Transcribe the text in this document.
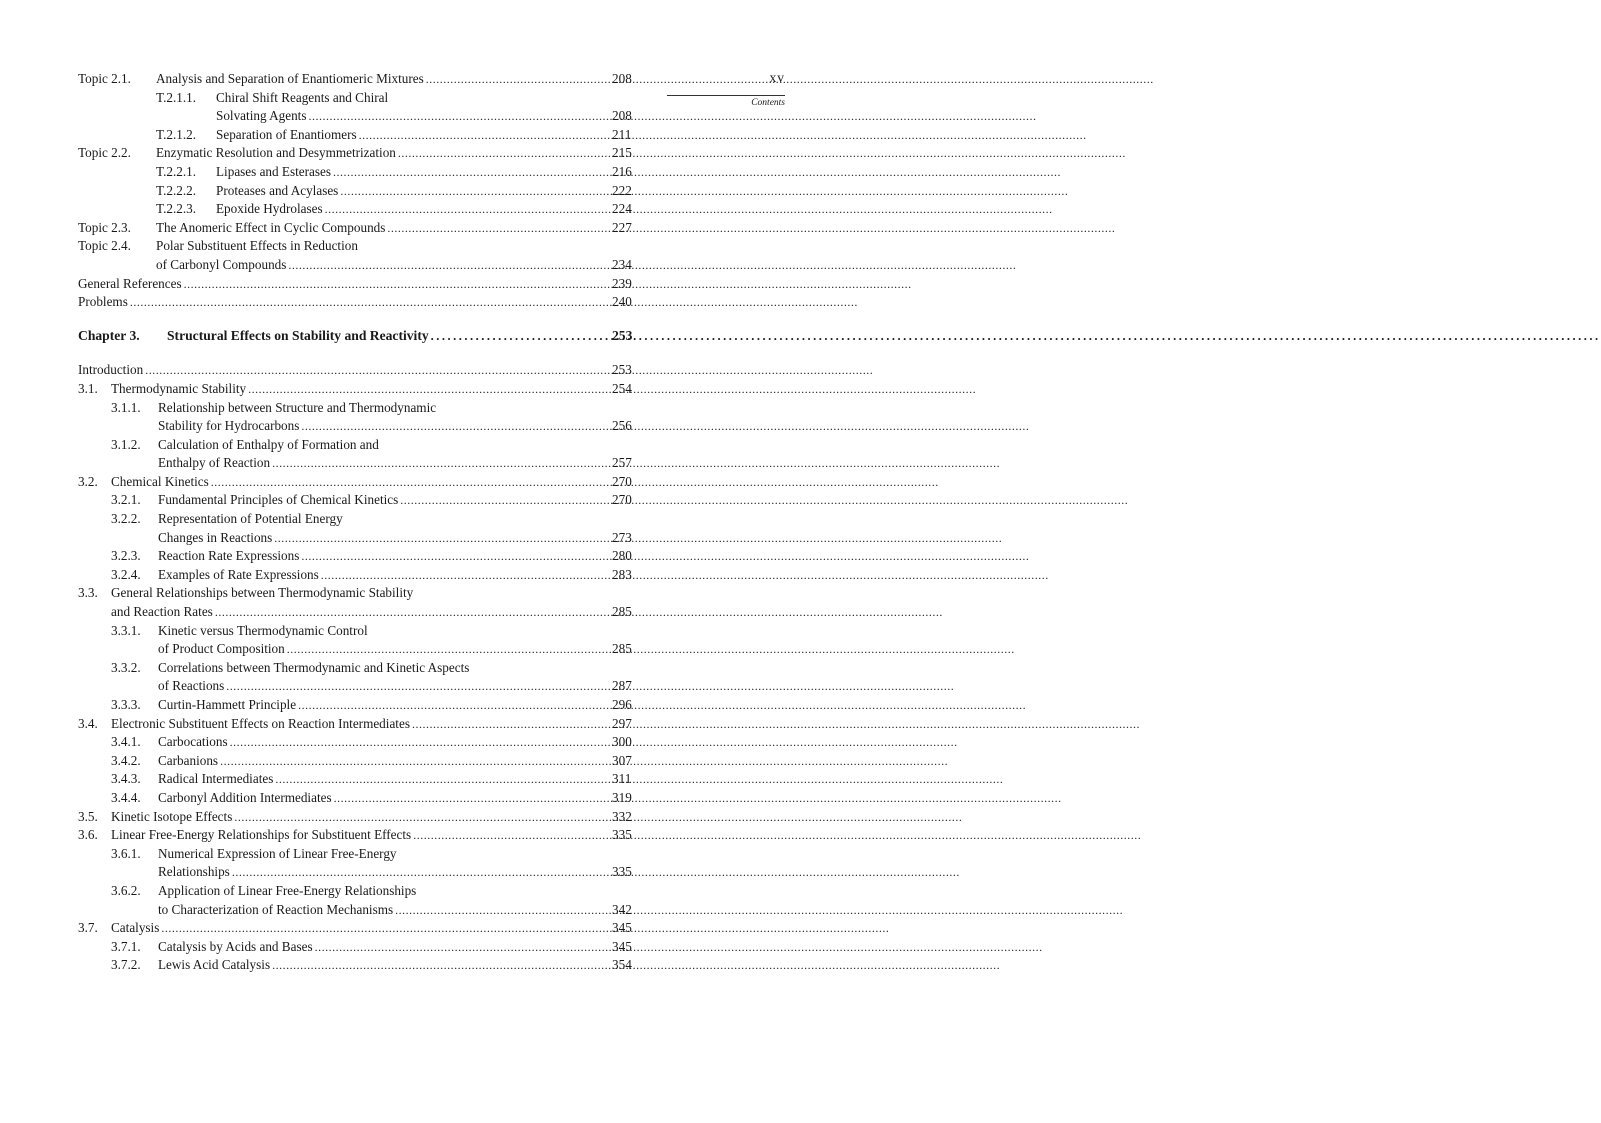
xv
Contents
Topic 2.1.	Analysis and Separation of Enantiomeric Mixtures .....	208
T.2.1.1.	Chiral Shift Reagents and Chiral
Solvating Agents .....	208
T.2.1.2.	Separation of Enantiomers .....	211
Topic 2.2.	Enzymatic Resolution and Desymmetrization .....	215
T.2.2.1.	Lipases and Esterases .....	216
T.2.2.2.	Proteases and Acylases .....	222
T.2.2.3.	Epoxide Hydrolases .....	224
Topic 2.3.	The Anomeric Effect in Cyclic Compounds .....	227
Topic 2.4.	Polar Substituent Effects in Reduction
of Carbonyl Compounds .....	234
General References .....	239
Problems .....	240
Chapter 3.	Structural Effects on Stability and Reactivity .....	253
Introduction .....	253
3.1.	Thermodynamic Stability .....	254
3.1.1.	Relationship between Structure and Thermodynamic
Stability for Hydrocarbons .....	256
3.1.2.	Calculation of Enthalpy of Formation and
Enthalpy of Reaction .....	257
3.2.	Chemical Kinetics .....	270
3.2.1.	Fundamental Principles of Chemical Kinetics .....	270
3.2.2.	Representation of Potential Energy
Changes in Reactions .....	273
3.2.3.	Reaction Rate Expressions .....	280
3.2.4.	Examples of Rate Expressions .....	283
3.3.	General Relationships between Thermodynamic Stability
and Reaction Rates .....	285
3.3.1.	Kinetic versus Thermodynamic Control
of Product Composition .....	285
3.3.2.	Correlations between Thermodynamic and Kinetic Aspects
of Reactions .....	287
3.3.3.	Curtin-Hammett Principle .....	296
3.4.	Electronic Substituent Effects on Reaction Intermediates .....	297
3.4.1.	Carbocations .....	300
3.4.2.	Carbanions .....	307
3.4.3.	Radical Intermediates .....	311
3.4.4.	Carbonyl Addition Intermediates .....	319
3.5.	Kinetic Isotope Effects .....	332
3.6.	Linear Free-Energy Relationships for Substituent Effects .....	335
3.6.1.	Numerical Expression of Linear Free-Energy
Relationships .....	335
3.6.2.	Application of Linear Free-Energy Relationships
to Characterization of Reaction Mechanisms .....	342
3.7.	Catalysis .....	345
3.7.1.	Catalysis by Acids and Bases .....	345
3.7.2.	Lewis Acid Catalysis .....	354
